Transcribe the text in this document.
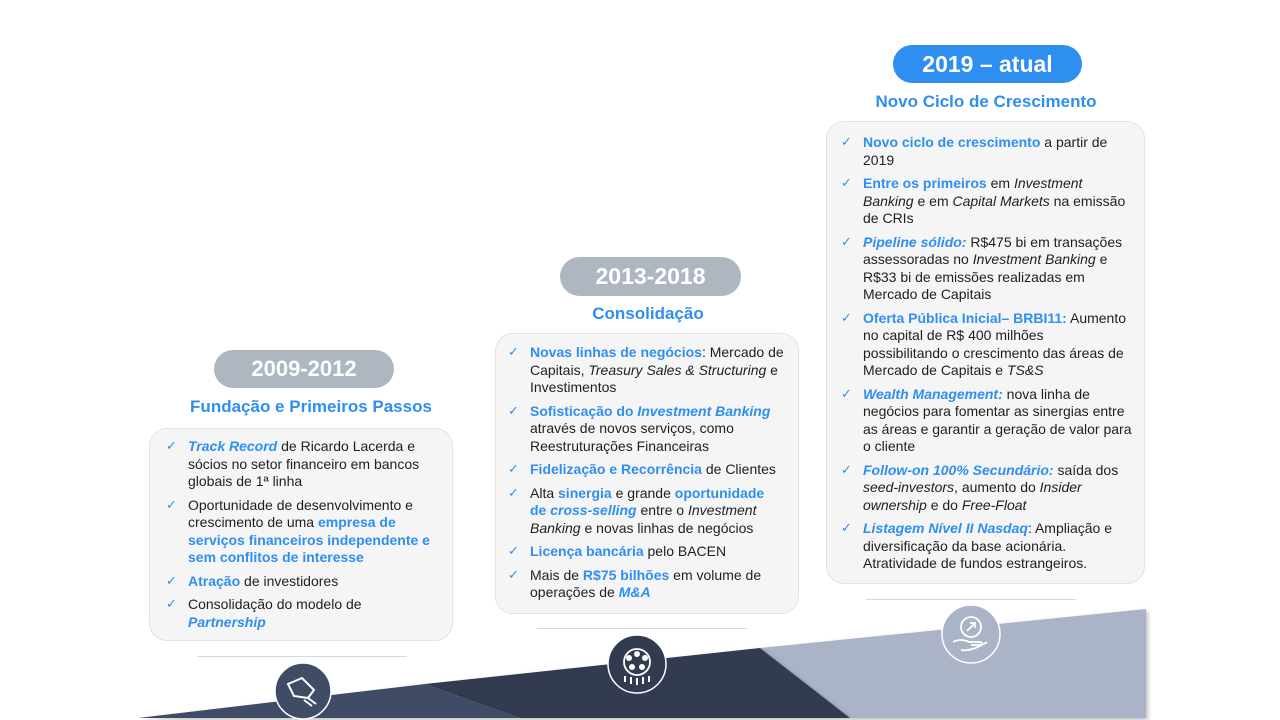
2009-2012
Fundação e Primeiros Passos
✓ Track Record de Ricardo Lacerda e sócios no setor financeiro em bancos globais de 1ª linha
✓ Oportunidade de desenvolvimento e crescimento de uma empresa de serviços financeiros independente e sem conflitos de interesse
✓ Atração de investidores
✓ Consolidação do modelo de Partnership
2013-2018
Consolidação
✓ Novas linhas de negócios: Mercado de Capitais, Treasury Sales & Structuring e Investimentos
✓ Sofisticação do Investment Banking através de novos serviços, como Reestruturações Financeiras
✓ Fidelização e Recorrência de Clientes
✓ Alta sinergia e grande oportunidade de cross-selling entre o Investment Banking e novas linhas de negócios
✓ Licença bancária pelo BACEN
✓ Mais de R$75 bilhões em volume de operações de M&A
2019 – atual
Novo Ciclo de Crescimento
✓ Novo ciclo de crescimento a partir de 2019
✓ Entre os primeiros em Investment Banking e em Capital Markets na emissão de CRIs
✓ Pipeline sólido: R$475 bi em transações assessoradas no Investment Banking e R$33 bi de emissões realizadas em Mercado de Capitais
✓ Oferta Pública Inicial– BRBI11: Aumento no capital de R$ 400 milhões possibilitando o crescimento das áreas de Mercado de Capitais e TS&S
✓ Wealth Management: nova linha de negócios para fomentar as sinergias entre as áreas e garantir a geração de valor para o cliente
✓ Follow-on 100% Secundário: saída dos seed-investors, aumento do Insider ownership e do Free-Float
✓ Listagem Nível II Nasdaq: Ampliação e diversificação da base acionária. Atratividade de fundos estrangeiros.
